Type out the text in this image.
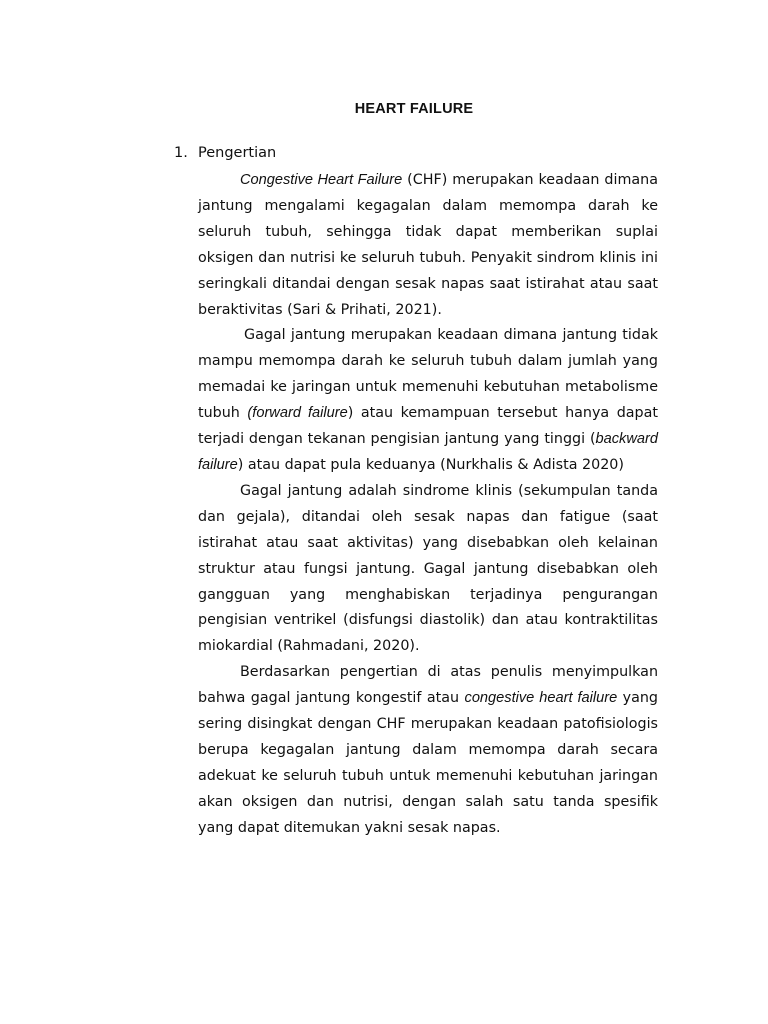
HEART FAILURE
1. Pengertian

Congestive Heart Failure (CHF) merupakan keadaan dimana jantung mengalami kegagalan dalam memompa darah ke seluruh tubuh, sehingga tidak dapat memberikan suplai oksigen dan nutrisi ke seluruh tubuh. Penyakit sindrom klinis ini seringkali ditandai dengan sesak napas saat istirahat atau saat beraktivitas (Sari & Prihati, 2021).

Gagal jantung merupakan keadaan dimana jantung tidak mampu memompa darah ke seluruh tubuh dalam jumlah yang memadai ke jaringan untuk memenuhi kebutuhan metabolisme tubuh (forward failure) atau kemampuan tersebut hanya dapat terjadi dengan tekanan pengisian jantung yang tinggi (backward failure) atau dapat pula keduanya (Nurkhalis & Adista 2020)

Gagal jantung adalah sindrome klinis (sekumpulan tanda dan gejala), ditandai oleh sesak napas dan fatigue (saat istirahat atau saat aktivitas) yang disebabkan oleh kelainan struktur atau fungsi jantung. Gagal jantung disebabkan oleh gangguan yang menghabiskan terjadinya pengurangan pengisian ventrikel (disfungsi diastolik) dan atau kontraktilitas miokardial (Rahmadani, 2020).

Berdasarkan pengertian di atas penulis menyimpulkan bahwa gagal jantung kongestif atau congestive heart failure yang sering disingkat dengan CHF merupakan keadaan patofisiologis berupa kegagalan jantung dalam memompa darah secara adekuat ke seluruh tubuh untuk memenuhi kebutuhan jaringan akan oksigen dan nutrisi, dengan salah satu tanda spesifik yang dapat ditemukan yakni sesak napas.
